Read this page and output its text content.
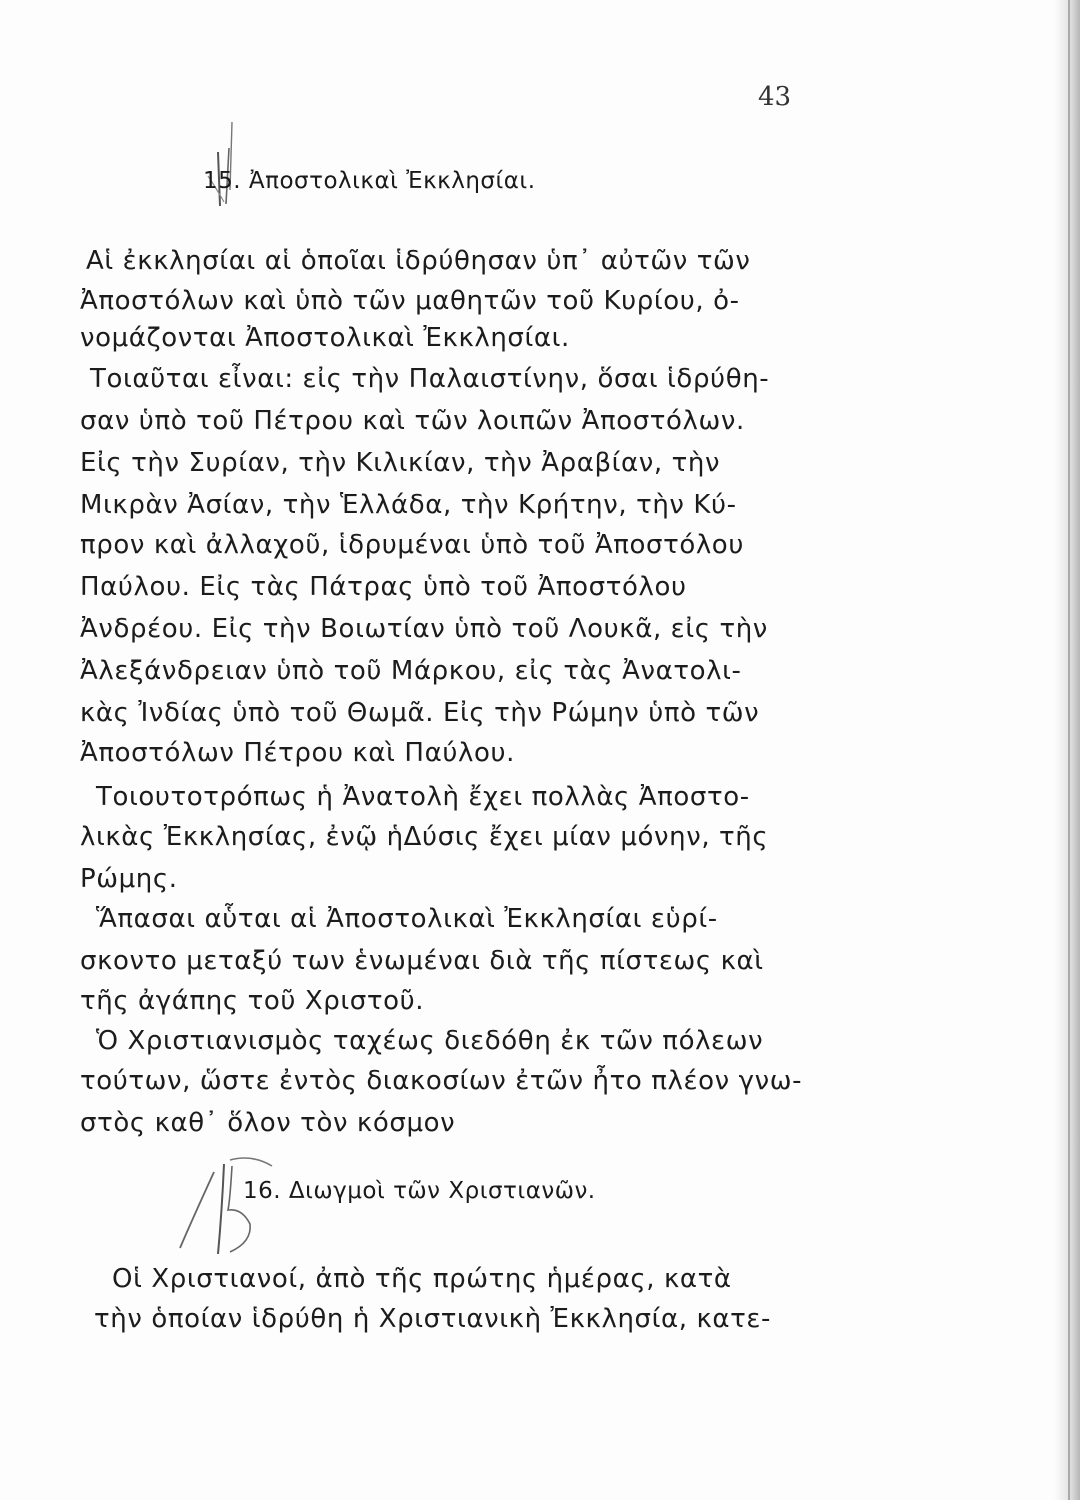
43
15. Ἀποστολικαὶ Ἐκκλησίαι.
Αἱ ἐκκλησίαι αἱ ὁποῖαι ἱδρύθησαν ὑπ᾿ αὐτῶν τῶν
Ἀποστόλων καὶ ὑπὸ τῶν μαθητῶν τοῦ Κυρίου, ὀ-
νομάζονται Ἀποστολικαὶ Ἐκκλησίαι.
Τοιαῦται εἶναι: εἰς τὴν Παλαιστίνην, ὅσαι ἱδρύθη-
σαν ὑπὸ τοῦ Πέτρου καὶ τῶν λοιπῶν Ἀποστόλων.
Εἰς τὴν Συρίαν, τὴν Κιλικίαν, τὴν Ἀραβίαν, τὴν
Μικρὰν Ἀσίαν, τὴν Ἑλλάδα, τὴν Κρήτην, τὴν Κύ-
προν καὶ ἀλλαχοῦ, ἱδρυμέναι ὑπὸ τοῦ Ἀποστόλου
Παύλου. Εἰς τὰς Πάτρας ὑπὸ τοῦ Ἀποστόλου
Ἀνδρέου. Εἰς τὴν Βοιωτίαν ὑπὸ τοῦ Λουκᾶ, εἰς τὴν
Ἀλεξάνδρειαν ὑπὸ τοῦ Μάρκου, εἰς τὰς Ἀνατολι-
κὰς Ἰνδίας ὑπὸ τοῦ Θωμᾶ. Εἰς τὴν Ρώμην ὑπὸ τῶν
Ἀποστόλων Πέτρου καὶ Παύλου.
Τοιουτοτρόπως ἡ Ἀνατολὴ ἔχει πολλὰς Ἀποστο-
λικὰς Ἐκκλησίας, ἐνῷ ἡΔύσις ἔχει μίαν μόνην, τῆς
Ρώμης.
Ἅπασαι αὗται αἱ Ἀποστολικαὶ Ἐκκλησίαι εὑρί-
σκοντο μεταξύ των ἑνωμέναι διὰ τῆς πίστεως καὶ
τῆς ἀγάπης τοῦ Χριστοῦ.
Ὁ Χριστιανισμὸς ταχέως διεδόθη ἐκ τῶν πόλεων
τούτων, ὥστε ἐντὸς διακοσίων ἐτῶν ἦτο πλέον γνω-
στὸς καθ᾿ ὅλον τὸν κόσμον
16. Διωγμοὶ τῶν Χριστιανῶν.
Οἱ Χριστιανοί, ἀπὸ τῆς πρώτης ἡμέρας, κατὰ
τὴν ὁποίαν ἱδρύθη ἡ Χριστιανικὴ Ἐκκλησία, κατε-
